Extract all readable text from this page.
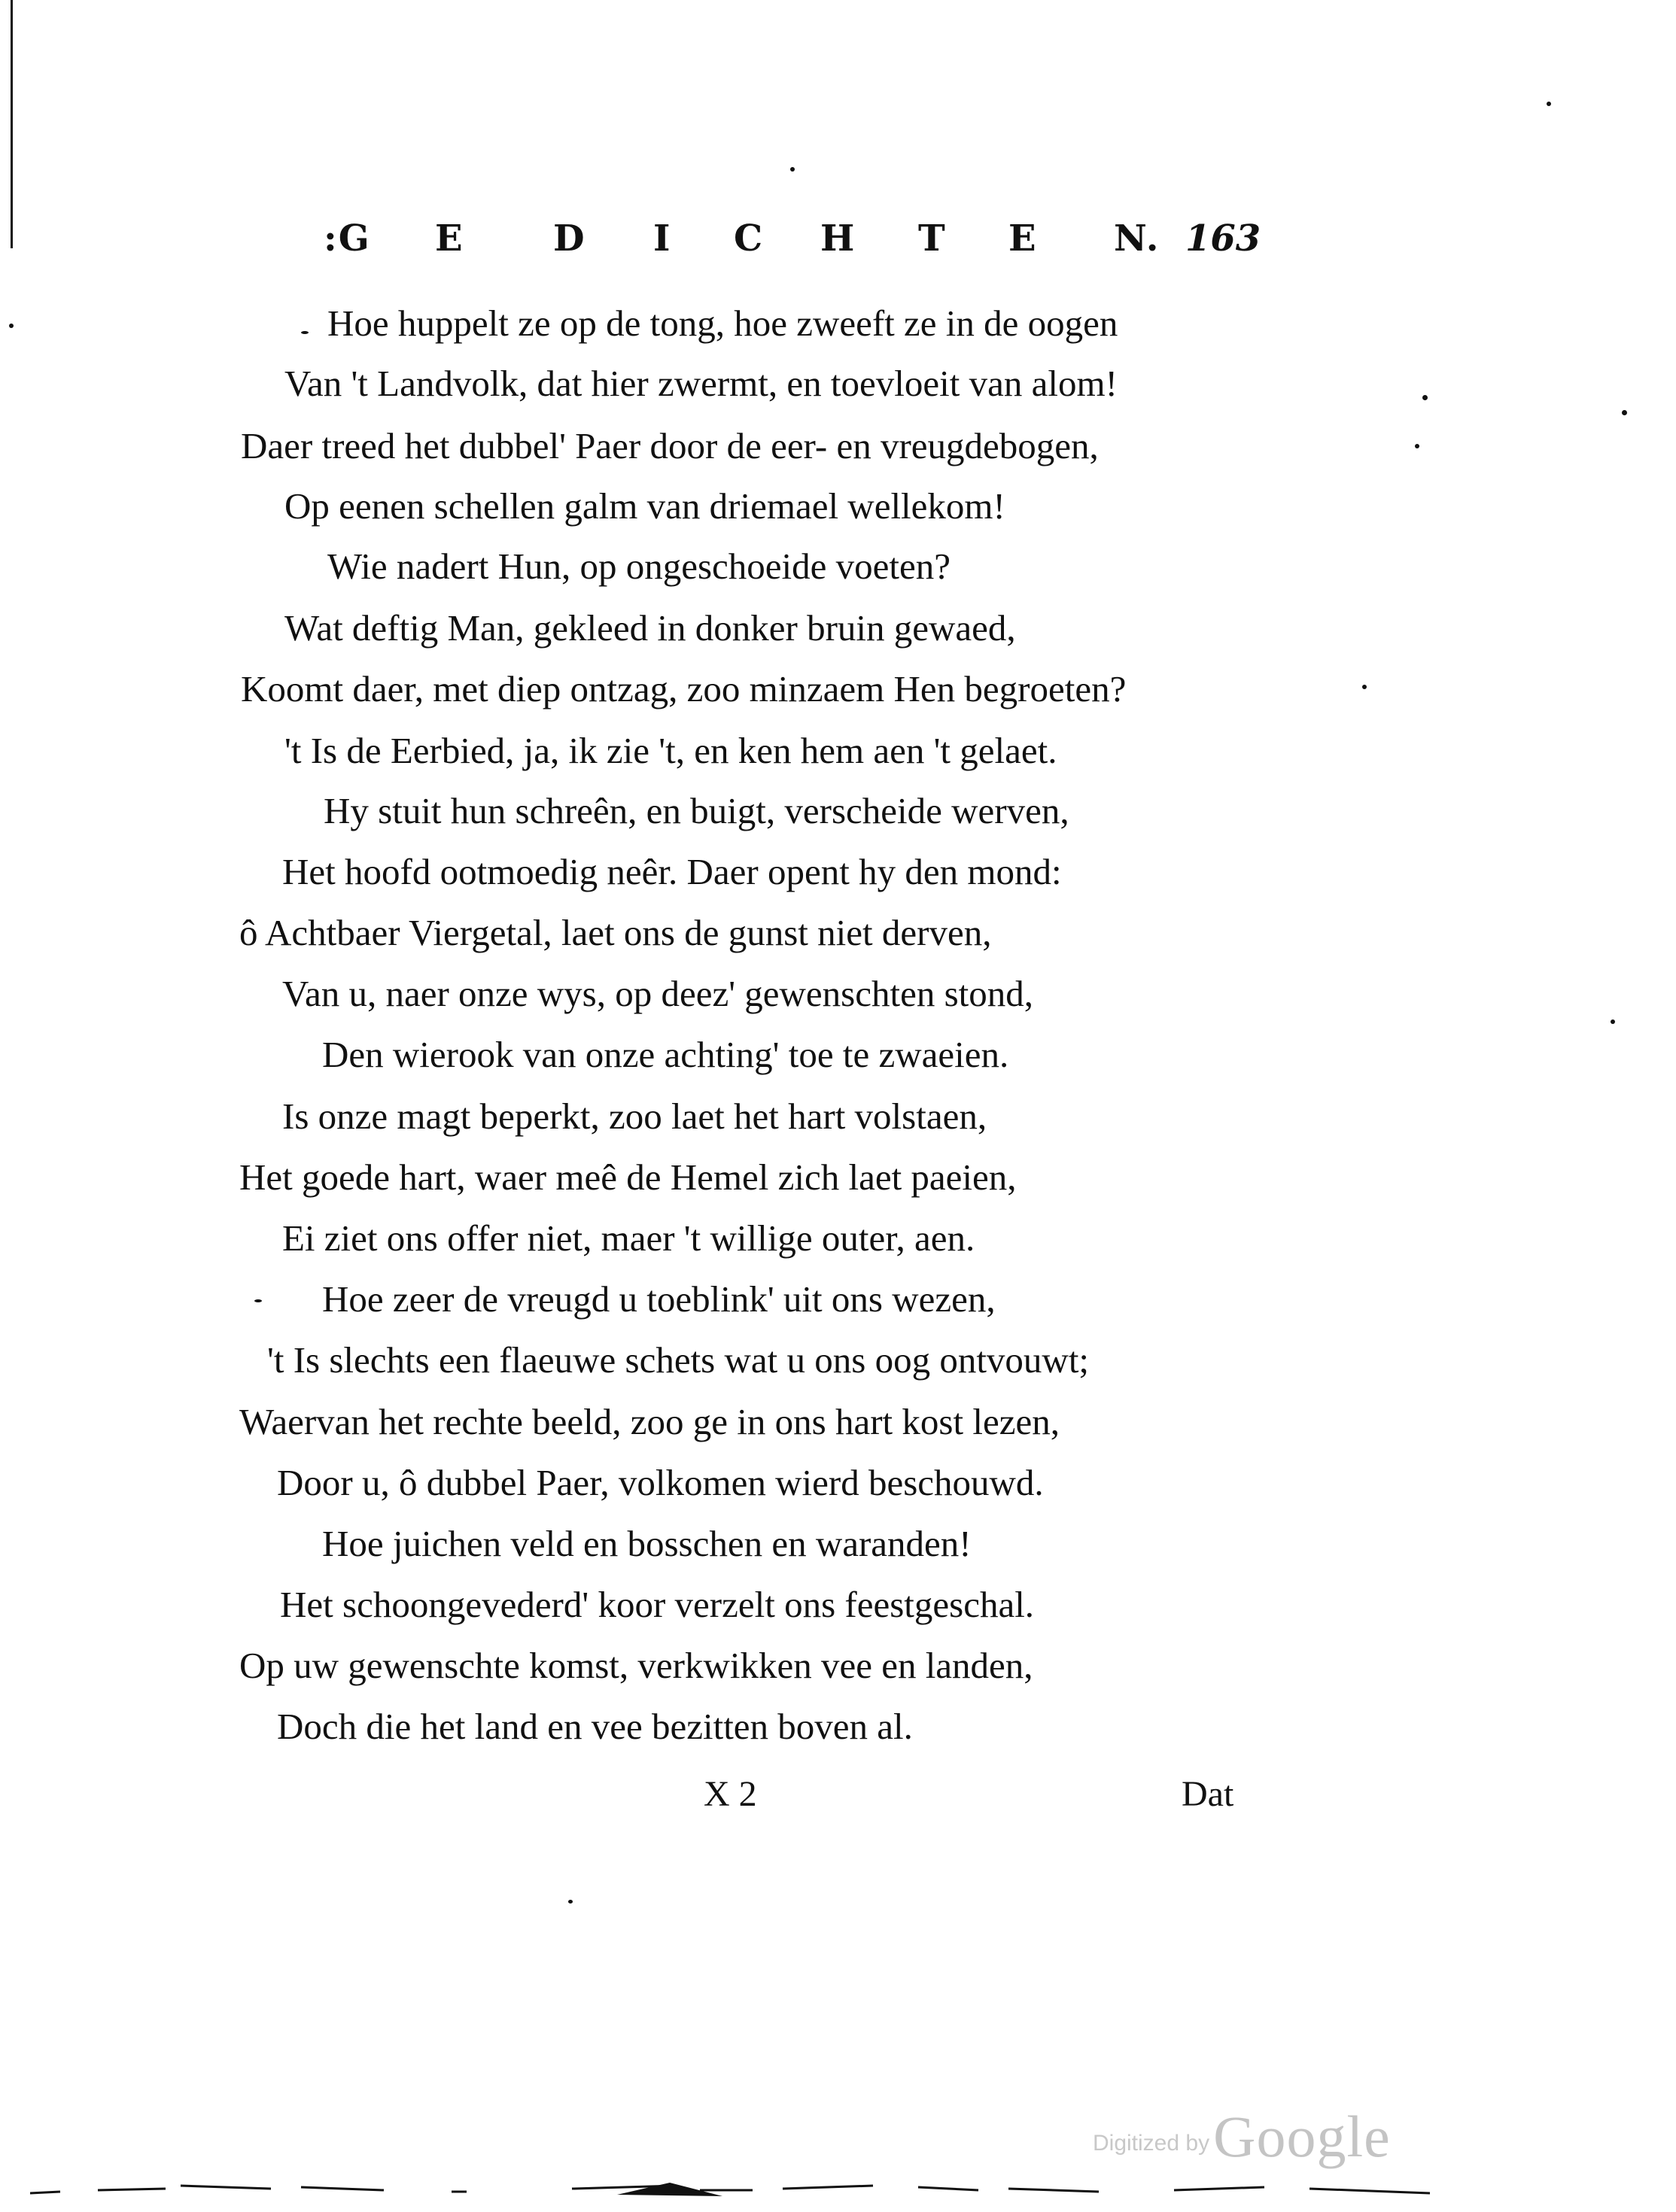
:G E D I C H T E N. 163
Hoe huppelt ze op de tong, hoe zweeft ze in de oogen
Van 't Landvolk, dat hier zwermt, en toevloeit van alom!
Daer treed het dubbel' Paer door de eer- en vreugdebogen,
Op eenen schellen galm van driemael wellekom!
Wie nadert Hun, op ongeschoeide voeten?
Wat deftig Man, gekleed in donker bruin gewaed,
Koomt daer, met diep ontzag, zoo minzaem Hen begroeten?
't Is de Eerbied, ja, ik zie 't, en ken hem aen 't gelaet.
Hy stuit hun schreên, en buigt, verscheide werven,
Het hoofd ootmoedig neêr. Daer opent hy den mond:
ô Achtbaer Viergetal, laet ons de gunst niet derven,
Van u, naer onze wys, op deez' gewenschten stond,
Den wierook van onze achting' toe te zwaeien.
Is onze magt beperkt, zoo laet het hart volstaen,
Het goede hart, waer meê de Hemel zich laet paeien,
Ei ziet ons offer niet, maer 't willige outer, aen.
Hoe zeer de vreugd u toeblink' uit ons wezen,
't Is slechts een flaeuwe schets wat u ons oog ontvouwt;
Waervan het rechte beeld, zoo ge in ons hart kost lezen,
Door u, ô dubbel Paer, volkomen wierd beschouwd.
Hoe juichen veld en bosschen en waranden!
Het schoongevederd' koor verzelt ons feestgeschal.
Op uw gewenschte komst, verkwikken vee en landen,
Doch die het land en vee bezitten boven al.
X 2	Dat
Digitized by Google
